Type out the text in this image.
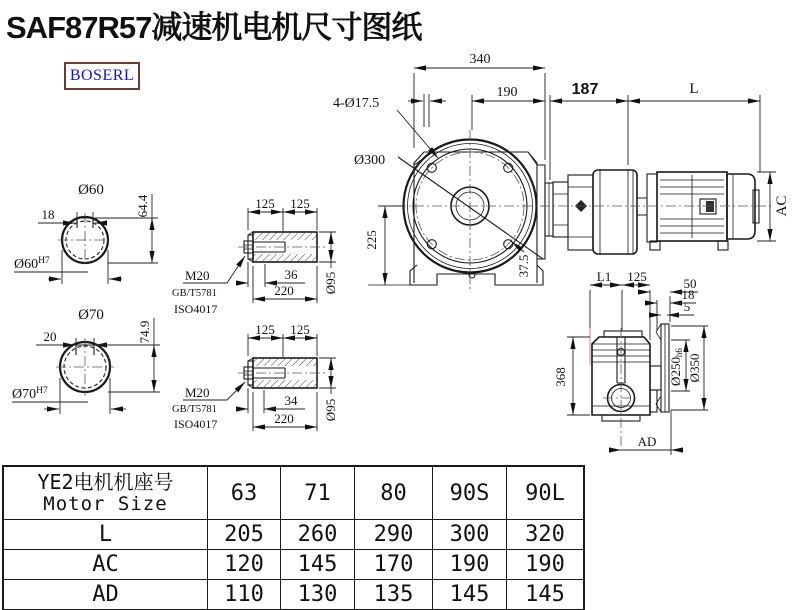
Ø60
18	64.4
$Ø60^{H7}$
Ø70
20	74.9
$Ø70^{H7}$
125 125
36
220 Ø95
M20
GB/T5781
ISO4017
125 125
34
220 Ø95
M20
GB/T5781
ISO4017
Ø300
4-Ø17.5
340
190	187	L
225
37.5
AC
L1 125	50
18
5
368	Ø250h6
Ø350
AD
SAF87R57减速机电机尺寸图纸
BOSERL
YE2电机机座号
Motor Size	63	71	80	90S	90L
L	205	260	290	300	320
AC	120	145	170	190	190
AD	110	130	135	145	145
